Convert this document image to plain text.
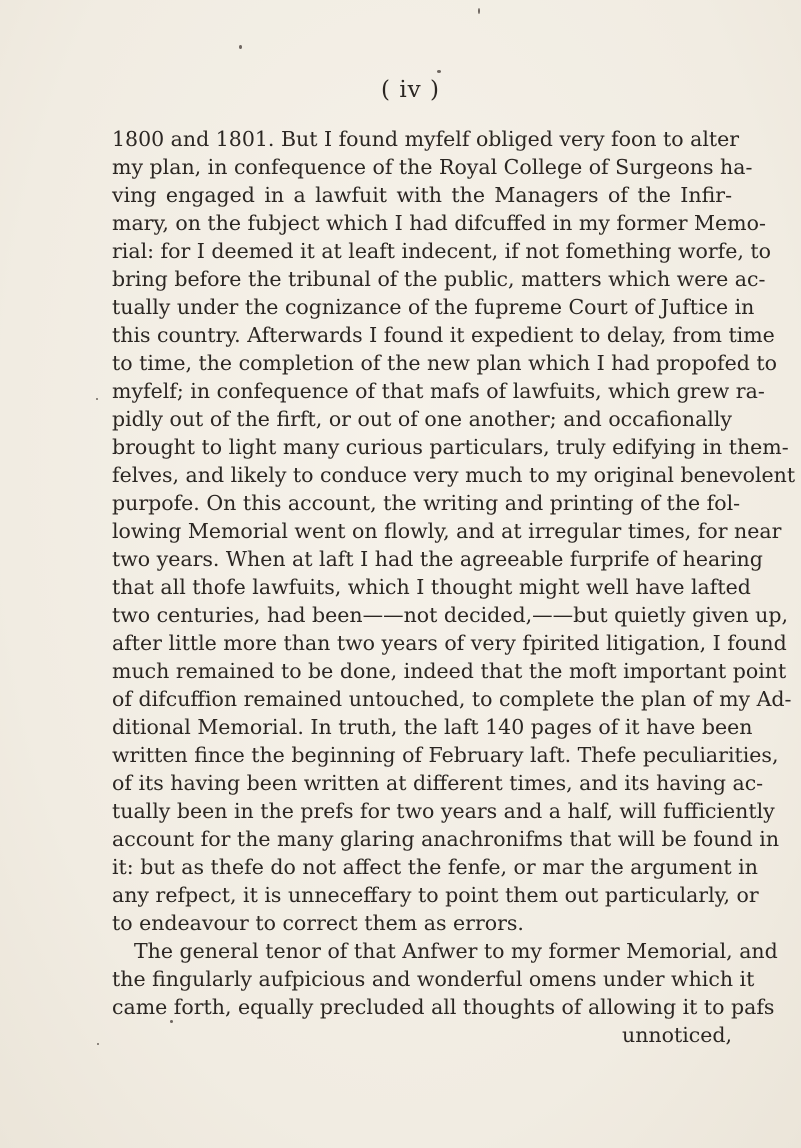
( iv )
1800 and 1801. But I found myfelf obliged very foon to alter
my plan, in confequence of the Royal College of Surgeons ha-
ving engaged in a lawfuit with the Managers of the Infir-
mary, on the fubject which I had difcuffed in my former Memo-
rial: for I deemed it at leaft indecent, if not fomething worfe, to
bring before the tribunal of the public, matters which were ac-
tually under the cognizance of the fupreme Court of Juftice in
this country. Afterwards I found it expedient to delay, from time
to time, the completion of the new plan which I had propofed to
myfelf; in confequence of that mafs of lawfuits, which grew ra-
pidly out of the firft, or out of one another; and occafionally
brought to light many curious particulars, truly edifying in them-
felves, and likely to conduce very much to my original benevolent
purpofe. On this account, the writing and printing of the fol-
lowing Memorial went on flowly, and at irregular times, for near
two years. When at laft I had the agreeable furprife of hearing
that all thofe lawfuits, which I thought might well have lafted
two centuries, had been——not decided,——but quietly given up,
after little more than two years of very fpirited litigation, I found
much remained to be done, indeed that the moft important point
of difcuffion remained untouched, to complete the plan of my Ad-
ditional Memorial. In truth, the laft 140 pages of it have been
written fince the beginning of February laft. Thefe peculiarities,
of its having been written at different times, and its having ac-
tually been in the prefs for two years and a half, will fufficiently
account for the many glaring anachronifms that will be found in
it: but as thefe do not affect the fenfe, or mar the argument in
any refpect, it is unneceffary to point them out particularly, or
to endeavour to correct them as errors.
The general tenor of that Anfwer to my former Memorial, and
the fingularly aufpicious and wonderful omens under which it
came forth, equally precluded all thoughts of allowing it to pafs
unnoticed,
